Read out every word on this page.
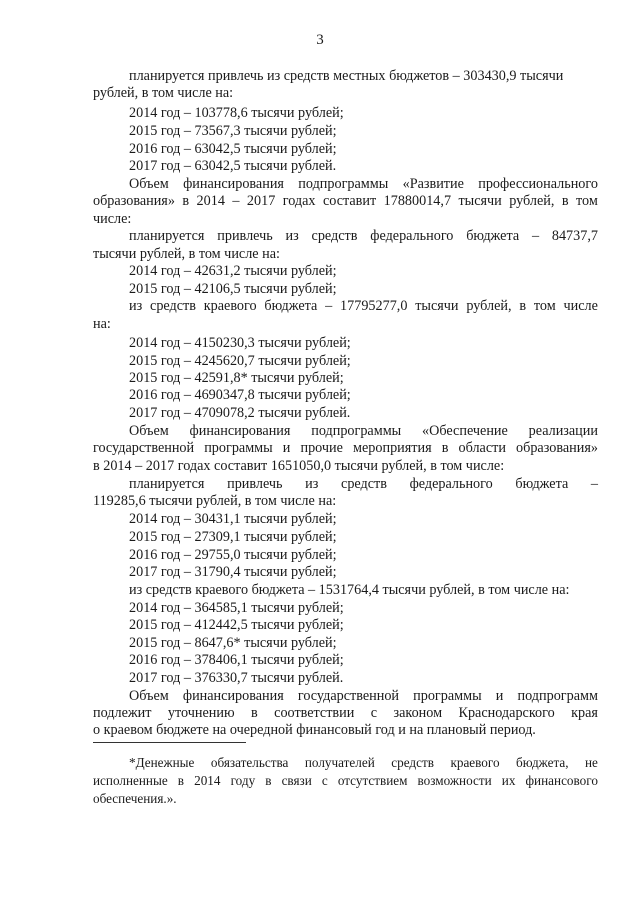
3
планируется привлечь из средств местных бюджетов – 303430,9 тысячи
рублей, в том числе на:
2014 год – 103778,6 тысячи рублей;
2015 год – 73567,3 тысячи рублей;
2016 год – 63042,5 тысячи рублей;
2017 год – 63042,5 тысячи рублей.
Объем финансирования подпрограммы «Развитие профессионального
образования» в 2014 – 2017 годах составит 17880014,7 тысячи рублей, в том
числе:
планируется привлечь из средств федерального бюджета – 84737,7
тысячи рублей, в том числе на:
2014 год – 42631,2 тысячи рублей;
2015 год – 42106,5 тысячи рублей;
из средств краевого бюджета – 17795277,0 тысячи рублей, в том числе
на:
2014 год – 4150230,3 тысячи рублей;
2015 год – 4245620,7 тысячи рублей;
2015 год – 42591,8* тысячи рублей;
2016 год – 4690347,8 тысячи рублей;
2017 год – 4709078,2 тысячи рублей.
Объем финансирования подпрограммы «Обеспечение реализации
государственной программы и прочие мероприятия в области образования»
в 2014 – 2017 годах составит 1651050,0 тысячи рублей, в том числе:
планируется привлечь из средств федерального бюджета –
119285,6 тысячи рублей, в том числе на:
2014 год – 30431,1 тысячи рублей;
2015 год – 27309,1 тысячи рублей;
2016 год – 29755,0 тысячи рублей;
2017 год – 31790,4 тысячи рублей;
из средств краевого бюджета – 1531764,4 тысячи рублей, в том числе на:
2014 год – 364585,1 тысячи рублей;
2015 год – 412442,5 тысячи рублей;
2015 год – 8647,6* тысячи рублей;
2016 год – 378406,1 тысячи рублей;
2017 год – 376330,7 тысячи рублей.
Объем финансирования государственной программы и подпрограмм
подлежит уточнению в соответствии с законом Краснодарского края
о краевом бюджете на очередной финансовый год и на плановый период.
*Денежные обязательства получателей средств краевого бюджета, не
исполненные в 2014 году в связи с отсутствием возможности их финансового
обеспечения.».
